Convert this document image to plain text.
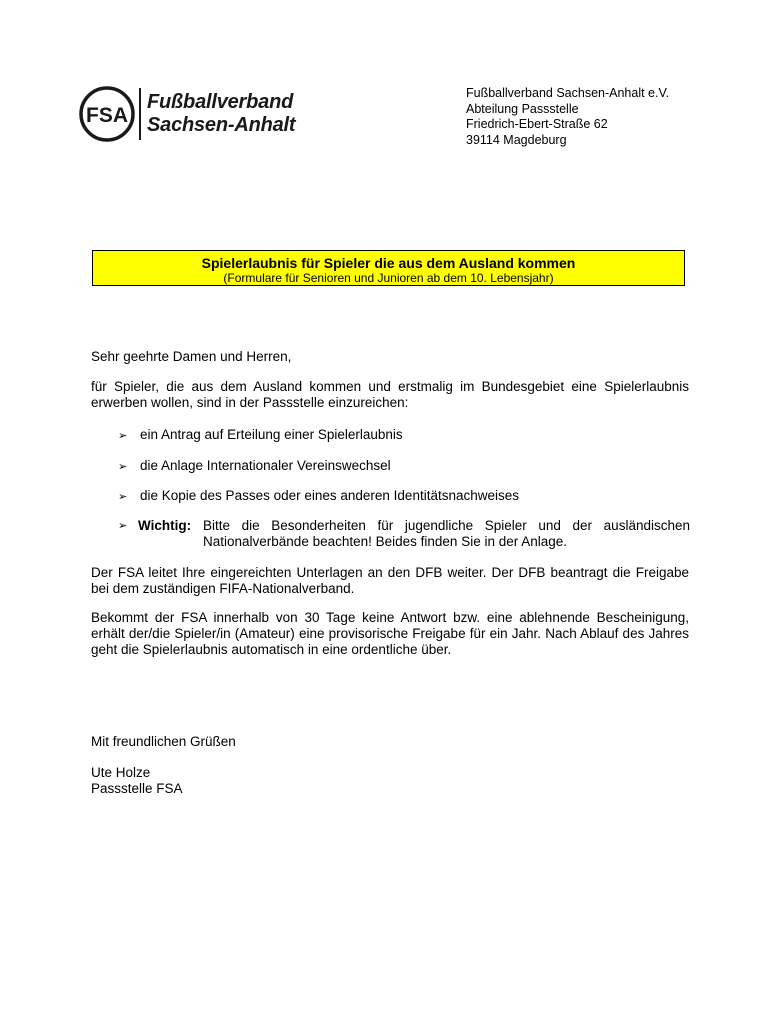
FSA
Fußballverband
Sachsen-Anhalt
Fußballverband Sachsen-Anhalt e.V.
Abteilung Passstelle
Friedrich-Ebert-Straße 62
39114 Magdeburg
Spielerlaubnis für Spieler die aus dem Ausland kommen
(Formulare für Senioren und Junioren ab dem 10. Lebensjahr)
Sehr geehrte Damen und Herren,
für Spieler, die aus dem Ausland kommen und erstmalig im Bundesgebiet eine Spielerlaubnis erwerben wollen, sind in der Passstelle einzureichen:
➢ ein Antrag auf Erteilung einer Spielerlaubnis
➢ die Anlage Internationaler Vereinswechsel
➢ die Kopie des Passes oder eines anderen Identitätsnachweises
➢ Wichtig: Bitte die Besonderheiten für jugendliche Spieler und der ausländischen Nationalverbände beachten! Beides finden Sie in der Anlage.
Der FSA leitet Ihre eingereichten Unterlagen an den DFB weiter. Der DFB beantragt die Freigabe bei dem zuständigen FIFA-Nationalverband.
Bekommt der FSA innerhalb von 30 Tage keine Antwort bzw. eine ablehnende Bescheinigung, erhält der/die Spieler/in (Amateur) eine provisorische Freigabe für ein Jahr. Nach Ablauf des Jahres geht die Spielerlaubnis automatisch in eine ordentliche über.
Mit freundlichen Grüßen
Ute Holze
Passstelle FSA
